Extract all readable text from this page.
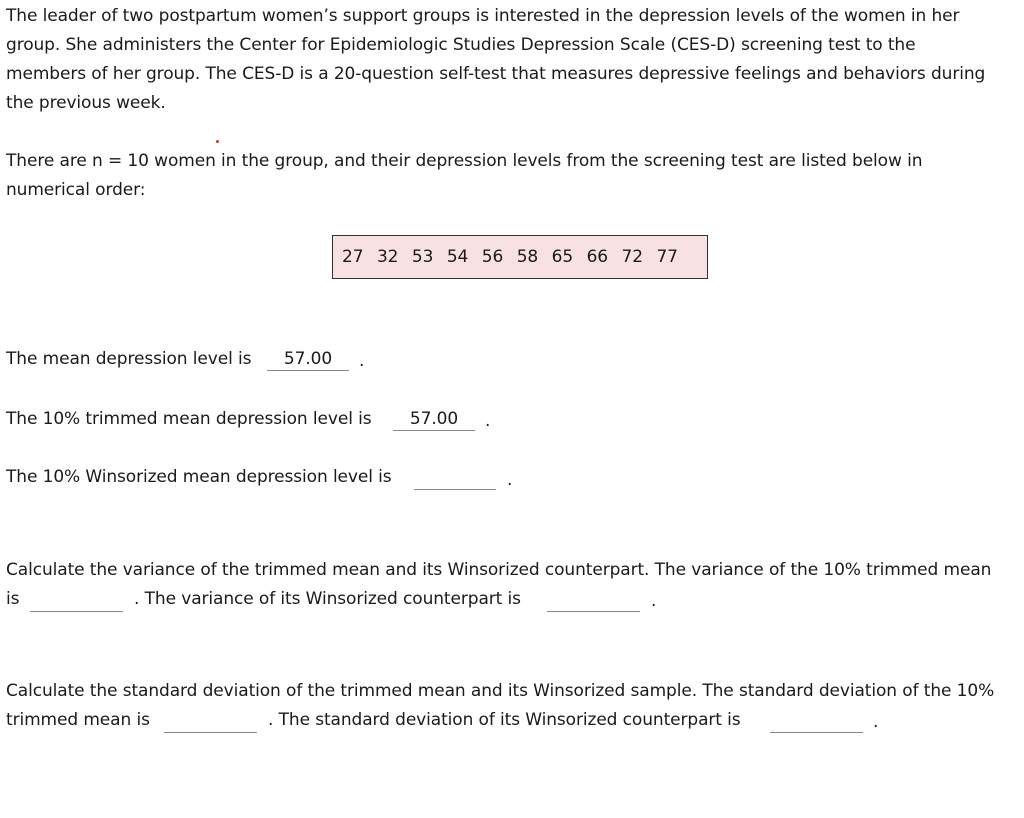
The leader of two postpartum women’s support groups is interested in the depression levels of the women in her
group. She administers the Center for Epidemiologic Studies Depression Scale (CES-D) screening test to the
members of her group. The CES-D is a 20-question self-test that measures depressive feelings and behaviors during
the previous week.
There are n = 10 women in the group, and their depression levels from the screening test are listed below in
numerical order:
27 32 53 54 56 58 65 66 72 77
The mean depression level is	57.00	.
The 10% trimmed mean depression level is	57.00	.
The 10% Winsorized mean depression level is	.
Calculate the variance of the trimmed mean and its Winsorized counterpart. The variance of the 10% trimmed mean
is	. The variance of its Winsorized counterpart is	.
Calculate the standard deviation of the trimmed mean and its Winsorized sample. The standard deviation of the 10%
trimmed mean is	. The standard deviation of its Winsorized counterpart is	.
